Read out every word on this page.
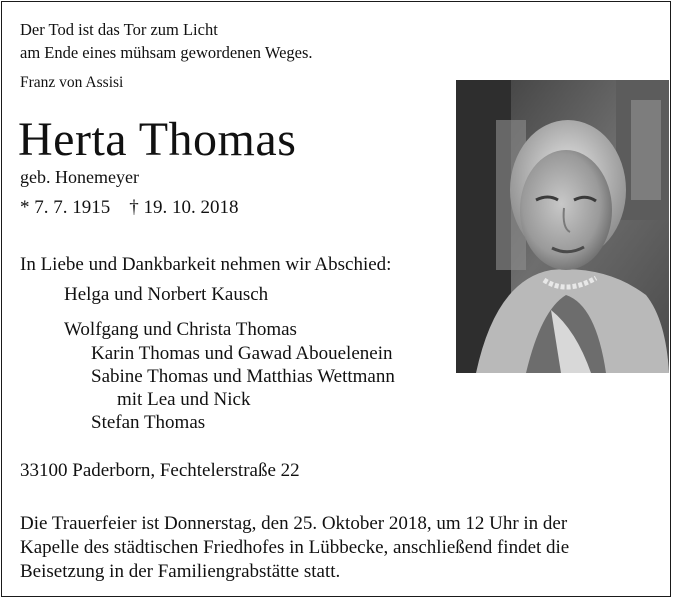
Der Tod ist das Tor zum Licht
am Ende eines mühsam gewordenen Weges.
Franz von Assisi
Herta Thomas
geb. Honemeyer
* 7. 7. 1915    † 19. 10. 2018
In Liebe und Dankbarkeit nehmen wir Abschied:
Helga und Norbert Kausch
Wolfgang und Christa Thomas
Karin Thomas und Gawad Abouelenein
Sabine Thomas und Matthias Wettmann
mit Lea und Nick
Stefan Thomas
33100 Paderborn, Fechtelerstraße 22
Die Trauerfeier ist Donnerstag, den 25. Oktober 2018, um 12 Uhr in der
Kapelle des städtischen Friedhofes in Lübbecke, anschließend findet die
Beisetzung in der Familiengrabstätte statt.
